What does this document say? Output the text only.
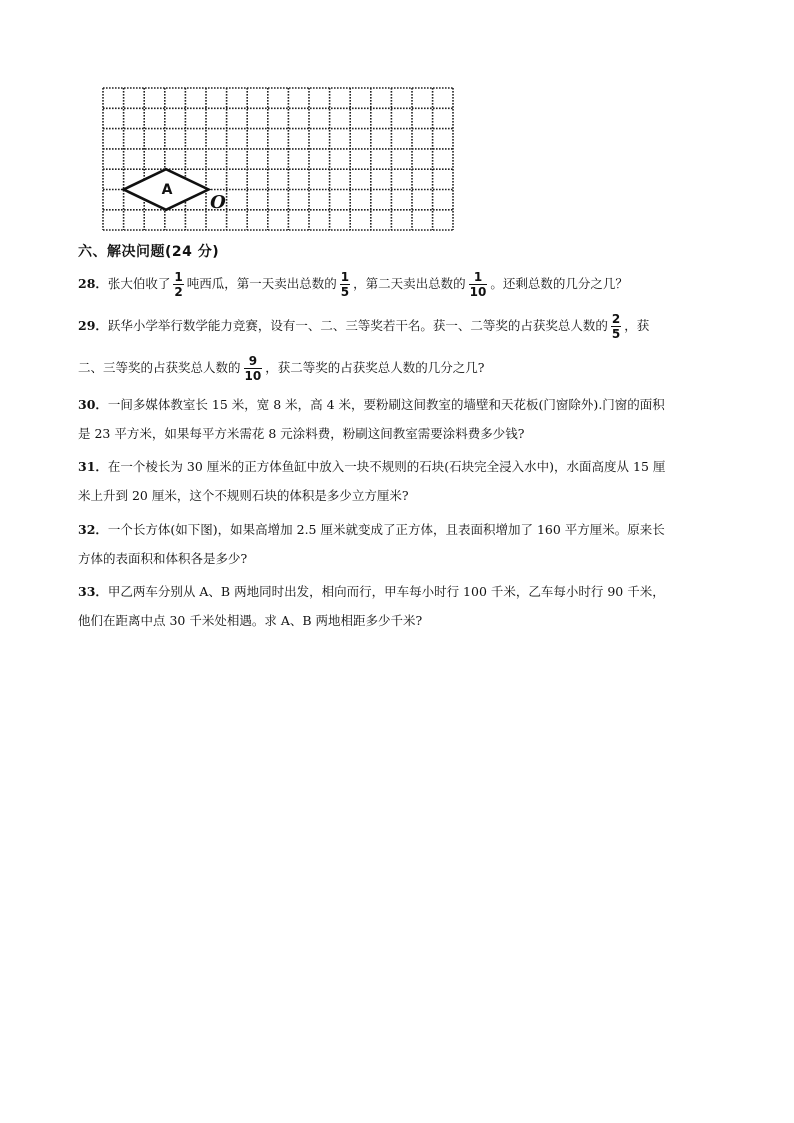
A
O
六、解决问题(24 分)
28．张大伯收了 $\frac{1}{2}$ 吨西瓜，第一天卖出总数的 $\frac{1}{5}$ ，第二天卖出总数的 $\frac{1}{10}$ 。还剩总数的几分之几？
29．跃华小学举行数学能力竞赛，设有一、二、三等奖若干名。获一、二等奖的占获奖总人数的 $\frac{2}{5}$ ，获
二、三等奖的占获奖总人数的 $\frac{9}{10}$ ，获二等奖的占获奖总人数的几分之几?
30．一间多媒体教室长 15 米，宽 8 米，高 4 米，要粉刷这间教室的墙壁和天花板(门窗除外).门窗的面积
是 23 平方米，如果每平方米需花 8 元涂料费，粉刷这间教室需要涂料费多少钱?
31．在一个棱长为 30 厘米的正方体鱼缸中放入一块不规则的石块(石块完全浸入水中)，水面高度从 15 厘
米上升到 20 厘米，这个不规则石块的体积是多少立方厘米?
32．一个长方体(如下图)，如果高增加 2.5 厘米就变成了正方体，且表面积增加了 160 平方厘米。原来长
方体的表面积和体积各是多少?
33．甲乙两车分别从 A、B 两地同时出发，相向而行，甲车每小时行 100 千米，乙车每小时行 90 千米，
他们在距离中点 30 千米处相遇。求 A、B 两地相距多少千米?
